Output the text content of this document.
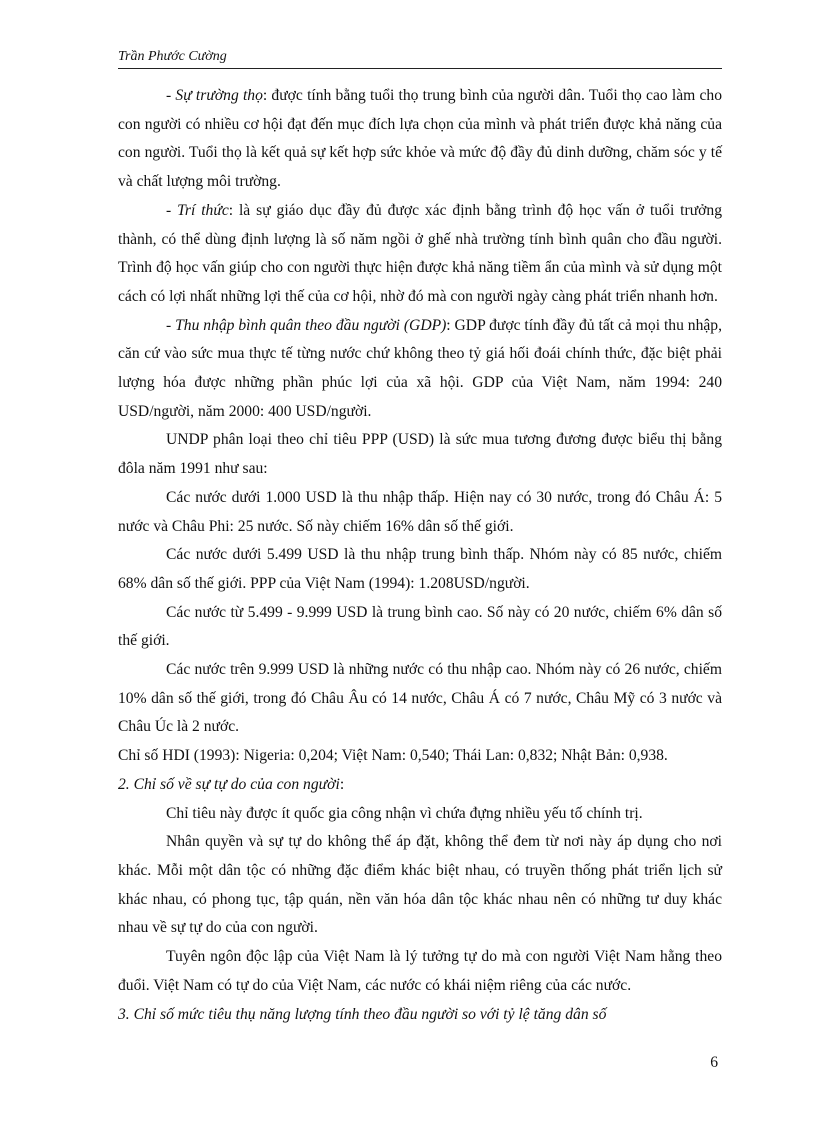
Trần Phước Cường

- Sự trường thọ: được tính bằng tuổi thọ trung bình của người dân. Tuổi thọ cao làm cho con người có nhiều cơ hội đạt đến mục đích lựa chọn của mình và phát triển được khả năng của con người. Tuổi thọ là kết quả sự kết hợp sức khỏe và mức độ đầy đủ dinh dưỡng, chăm sóc y tế và chất lượng môi trường.

- Trí thức: là sự giáo dục đầy đủ được xác định bằng trình độ học vấn ở tuổi trưởng thành, có thể dùng định lượng là số năm ngồi ở ghế nhà trường tính bình quân cho đầu người. Trình độ học vấn giúp cho con người thực hiện được khả năng tiềm ẩn của mình và sử dụng một cách có lợi nhất những lợi thế của cơ hội, nhờ đó mà con người ngày càng phát triển nhanh hơn.

- Thu nhập bình quân theo đầu người (GDP): GDP được tính đầy đủ tất cả mọi thu nhập, căn cứ vào sức mua thực tế từng nước chứ không theo tỷ giá hối đoái chính thức, đặc biệt phải lượng hóa được những phần phúc lợi của xã hội. GDP của Việt Nam, năm 1994: 240 USD/người, năm 2000: 400 USD/người.

UNDP phân loại theo chỉ tiêu PPP (USD) là sức mua tương đương được biểu thị bằng đôla năm 1991 như sau:

Các nước dưới 1.000 USD là thu nhập thấp. Hiện nay có 30 nước, trong đó Châu Á: 5 nước và Châu Phi: 25 nước. Số này chiếm 16% dân số thế giới.

Các nước dưới 5.499 USD là thu nhập trung bình thấp. Nhóm này có 85 nước, chiếm 68% dân số thế giới. PPP của Việt Nam (1994): 1.208USD/người.

Các nước từ 5.499 - 9.999 USD là trung bình cao. Số này có 20 nước, chiếm 6% dân số thế giới.

Các nước trên 9.999 USD là những nước có thu nhập cao. Nhóm này có 26 nước, chiếm 10% dân số thế giới, trong đó Châu Âu có 14 nước, Châu Á có 7 nước, Châu Mỹ có 3 nước và Châu Úc là 2 nước.

Chỉ số HDI (1993): Nigeria: 0,204; Việt Nam: 0,540; Thái Lan: 0,832; Nhật Bản: 0,938.

2. Chỉ số về sự tự do của con người:

Chỉ tiêu này được ít quốc gia công nhận vì chứa đựng nhiều yếu tố chính trị.

Nhân quyền và sự tự do không thể áp đặt, không thể đem từ nơi này áp dụng cho nơi khác. Mỗi một dân tộc có những đặc điểm khác biệt nhau, có truyền thống phát triển lịch sử khác nhau, có phong tục, tập quán, nền văn hóa dân tộc khác nhau nên có những tư duy khác nhau về sự tự do của con người.

Tuyên ngôn độc lập của Việt Nam là lý tưởng tự do mà con người Việt Nam hằng theo đuổi. Việt Nam có tự do của Việt Nam, các nước có khái niệm riêng của các nước.

3. Chỉ số mức tiêu thụ năng lượng tính theo đầu người so với tỷ lệ tăng dân số

6
